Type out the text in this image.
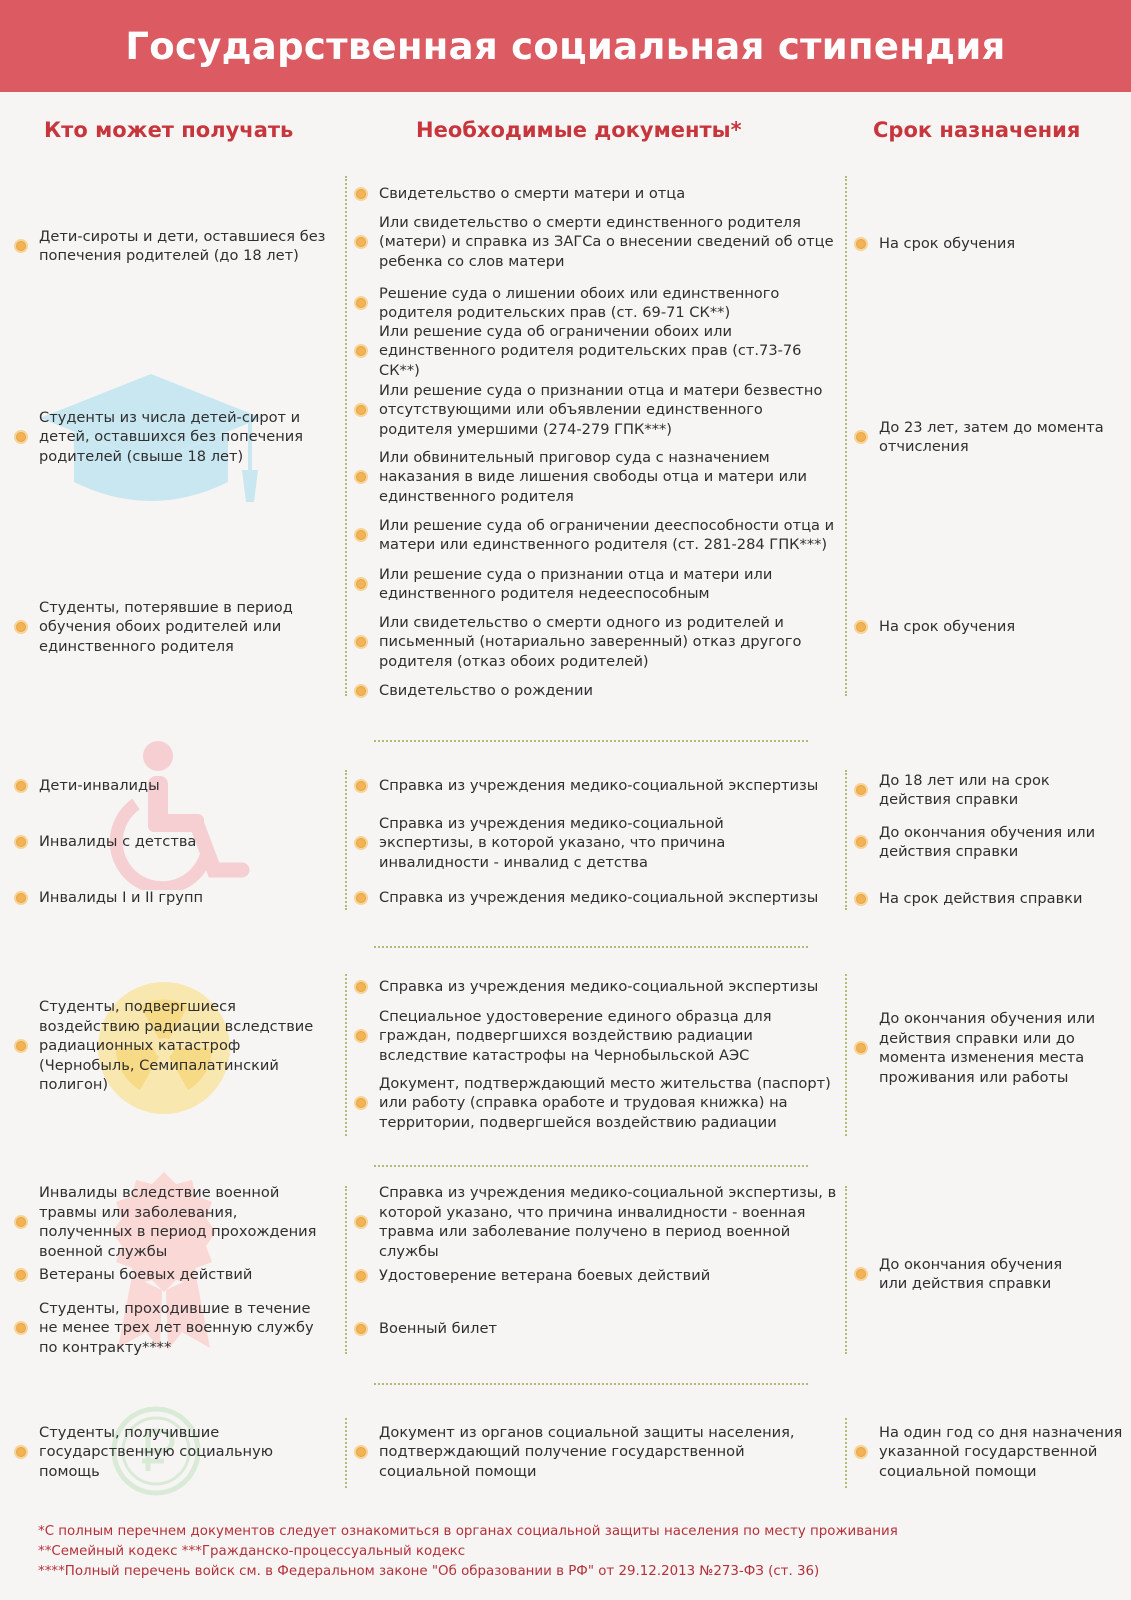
Государственная социальная стипендия
Кто может получать	Необходимые документы*	Срок назначения
Дети-сироты и дети, оставшиеся без попечения родителей (до 18 лет)
Студенты из числа детей-сирот и детей, оставшихся без попечения родителей (свыше 18 лет)
Студенты, потерявшие в период обучения обоих родителей или единственного родителя
Свидетельство о смерти матери и отца
Или свидетельство о смерти единственного родителя (матери) и справка из ЗАГСа о внесении сведений об отце ребенка со слов матери
Решение суда о лишении обоих или единственного родителя родительских прав (ст. 69-71 СК**)
Или решение суда об ограничении обоих или единственного родителя родительских прав (ст.73-76 СК**)
Или решение суда о признании отца и матери безвестно отсутствующими или объявлении единственного родителя умершими (274-279 ГПК***)
Или обвинительный приговор суда с назначением наказания в виде лишения свободы отца и матери или единственного родителя
Или решение суда об ограничении дееспособности отца и матери или единственного родителя (ст. 281-284 ГПК***)
Или решение суда о признании отца и матери или единственного родителя недееспособным
Или свидетельство о смерти одного из родителей и письменный (нотариально заверенный) отказ другого родителя (отказ обоих родителей)
Свидетельство о рождении
На срок обучения
До 23 лет, затем до момента отчисления
На срок обучения
Дети-инвалиды
Инвалиды с детства
Инвалиды I и II групп
Справка из учреждения медико-социальной экспертизы
Справка из учреждения медико-социальной экспертизы, в которой указано, что причина инвалидности - инвалид с детства
Справка из учреждения медико-социальной экспертизы
До 18 лет или на срок действия справки
До окончания обучения или действия справки
На срок действия справки
Студенты, подвергшиеся воздействию радиации вследствие радиационных катастроф (Чернобыль, Семипалатинский полигон)
Справка из учреждения медико-социальной экспертизы
Специальное удостоверение единого образца для граждан, подвергшихся воздействию радиации вследствие катастрофы на Чернобыльской АЭС
Документ, подтверждающий место жительства (паспорт) или работу (справка оработе и трудовая книжка) на территории, подвергшейся воздействию радиации
До окончания обучения или действия справки или до момента изменения места проживания или работы
Инвалиды вследствие военной травмы или заболевания, полученных в период прохождения военной службы
Ветераны боевых действий
Студенты, проходившие в течение не менее трех лет военную службу по контракту****
Справка из учреждения медико-социальной экспертизы, в которой указано, что причина инвалидности - военная травма или заболевание получено в период военной службы
Удостоверение ветерана боевых действий
Военный билет
До окончания обучения или действия справки
Студенты, получившие государственную социальную помощь
Документ из органов социальной защиты населения, подтверждающий получение государственной социальной помощи
На один год со дня назначения указанной государственной социальной помощи
*С полным перечнем документов следует ознакомиться в органах социальной защиты населения по месту проживания
**Семейный кодекс ***Гражданско-процессуальный кодекс
****Полный перечень войск см. в Федеральном законе "Об образовании в РФ" от 29.12.2013 №273-ФЗ (ст. 36)
